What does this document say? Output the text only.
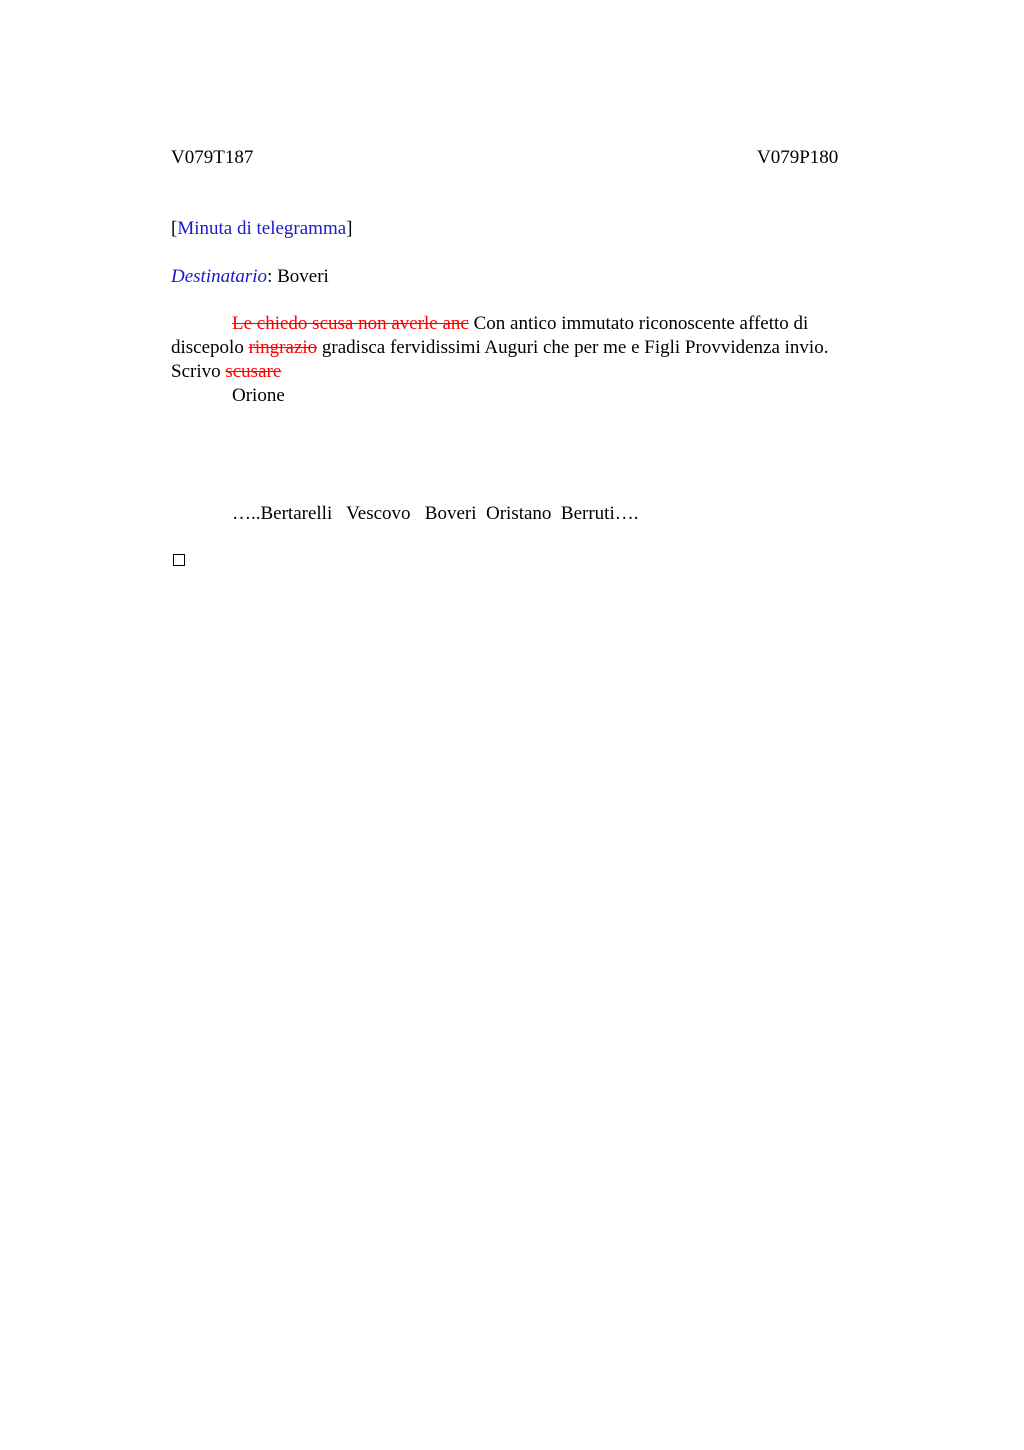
V079T187	V079P180
[Minuta di telegramma]
Destinatario: Boveri
Le chiedo scusa non averle anc Con antico immutato riconoscente affetto di
discepolo ringrazio gradisca fervidissimi Auguri che per me e Figli Provvidenza invio.
Scrivo scusare
Orione
…..Bertarelli   Vescovo   Boveri  Oristano  Berruti….
